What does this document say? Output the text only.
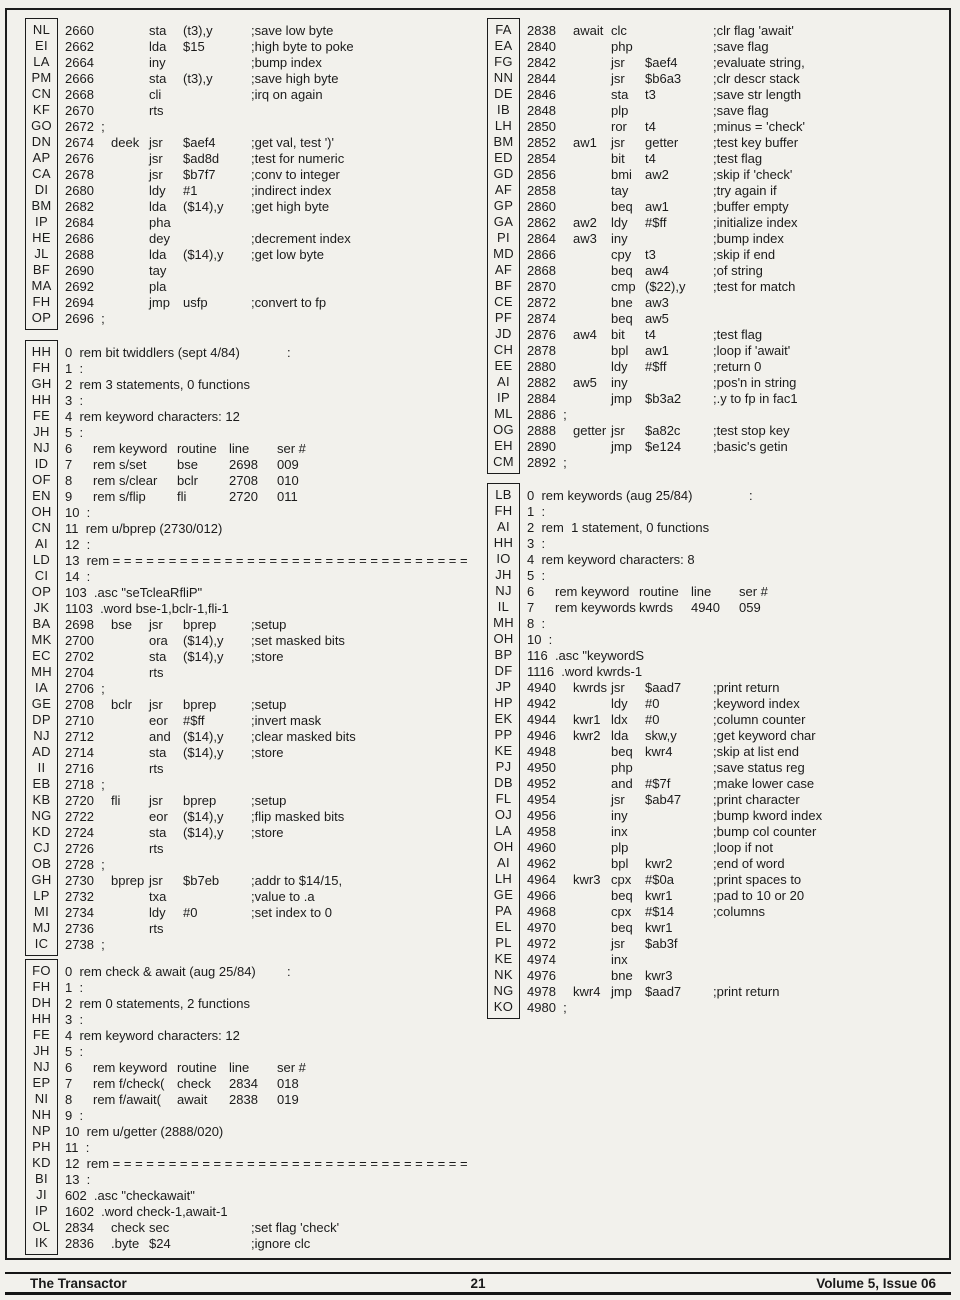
NL
EI
LA
PM
CN
KF
GO
DN
AP
CA
DI
BM
IP
HE
JL
BF
MA
FH
OP
2660	sta (t3),y	;save low byte
2662	lda $15	;high byte to poke
2664	iny	;bump index
2666	sta (t3),y	;save high byte
2668	cli	;irq on again
2670	rts
2672  ;
2674 deek jsr $aef4	;get val, test ')'
2676	jsr $ad8d ;test for numeric
2678	jsr $b7f7	;conv to integer
2680	ldy #1	;indirect index
2682	lda ($14),y ;get high byte
2684	pha
2686	dey	;decrement index
2688	lda ($14),y ;get low byte
2690	tay
2692	pla
2694	jmp usfp	;convert to fp
2696  ;
HH
FH
GH
HH
FE
JH
NJ
ID
OF
EN
OH
CN
AI
LD
CI
OP
JK
BA
MK
EC
MH
IA
GE
DP
NJ
AD
II
EB
KB
NG
KD
CJ
OB
GH
LP
MI
MJ
IC
0  rem bit twiddlers (sept 4/84)	:
1  :
2  rem 3 statements, 0 functions
3  :
4  rem keyword characters: 12
5  :
6 rem keyword routine line ser #
7 rem s/set bse 2698 009
8 rem s/clear bclr 2708 010
9 rem s/flip fli	2720 011
10  :
11  rem u/bprep (2730/012)
12  :
13  rem = = = = = = = = = = = = = = = = = = = = = = = = = = = = = = = =
14  :
103  .asc "seTcleaRfliP"
1103  .word bse-1,bclr-1,fli-1
2698 bse jsr bprep	;setup
2700	ora ($14),y ;set masked bits
2702	sta ($14),y ;store
2704	rts
2706  ;
2708 bclr jsr bprep	;setup
2710	eor #$ff	;invert mask
2712	and ($14),y ;clear masked bits
2714	sta ($14),y ;store
2716	rts
2718  ;
2720 fli jsr bprep	;setup
2722	eor ($14),y ;flip masked bits
2724	sta ($14),y ;store
2726	rts
2728  ;
2730 bprep jsr $b7eb ;addr to $14/15,
2732	txa	;value to .a
2734	ldy #0	;set index to 0
2736	rts
2738  ;
FO
FH
DH
HH
FE
JH
NJ
EP
NI
NH
NP
PH
KD
BI
JI
IP
OL
IK
0  rem check & await (aug 25/84) :
1  :
2  rem 0 statements, 2 functions
3  :
4  rem keyword characters: 12
5  :
6 rem keyword routine line ser #
7 rem f/check( check 2834 018
8 rem f/await( await 2838 019
9  :
10  rem u/getter (2888/020)
11  :
12  rem = = = = = = = = = = = = = = = = = = = = = = = = = = = = = = = =
13  :
602  .asc "checkawait"
1602  .word check-1,await-1
2834 check sec	;set flag 'check'
2836 .byte $24	;ignore clc
FA
EA
FG
NN
DE
IB
LH
BM
ED
GD
AF
GP
GA
PI
MD
AF
BF
CE
PF
JD
CH
EE
AI
IP
ML
OG
EH
CM
2838 await clc	;clr flag 'await'
2840	php	;save flag
2842	jsr $aef4	;evaluate string,
2844	jsr $b6a3 ;clr descr stack
2846	sta t3	;save str length
2848	plp	;save flag
2850	ror t4	;minus = 'check'
2852 aw1 jsr getter	;test key buffer
2854	bit t4	;test flag
2856	bmi aw2	;skip if 'check'
2858	tay	;try again if
2860	beq aw1	;buffer empty
2862 aw2 ldy #$ff	;initialize index
2864 aw3 iny	;bump index
2866	cpy t3	;skip if end
2868	beq aw4	;of string
2870	cmp ($22),y ;test for match
2872	bne aw3
2874	beq aw5
2876 aw4 bit t4	;test flag
2878	bpl aw1	;loop if 'await'
2880	ldy #$ff	;return 0
2882 aw5 iny	;pos'n in string
2884	jmp $b3a2 ;.y to fp in fac1
2886  ;
2888 getter jsr $a82c	;test stop key
2890	jmp $e124 ;basic's getin
2892  ;
LB
FH
AI
HH
IO
JH
NJ
IL
MH
OH
BP
DF
JP
HP
EK
PP
KE
PJ
DB
FL
OJ
LA
OH
AI
LH
GE
PA
EL
PL
KE
NK
NG
KO
0  rem keywords (aug 25/84)	:
1  :
2  rem  1 statement, 0 functions
3  :
4  rem keyword characters: 8
5  :
6 rem keyword routine line ser #
7 rem keywords kwrds 4940 059
8  :
10  :
116  .asc "keywordS
1116  .word kwrds-1
4940 kwrds jsr $aad7 ;print return
4942	ldy #0	;keyword index
4944 kwr1 ldx #0	;column counter
4946 kwr2 lda skw,y	;get keyword char
4948	beq kwr4	;skip at list end
4950	php	;save status reg
4952	and #$7f	;make lower case
4954	jsr $ab47 ;print character
4956	iny	;bump kword index
4958	inx	;bump col counter
4960	plp	;loop if not
4962	bpl kwr2	;end of word
4964 kwr3 cpx #$0a	;print spaces to
4966	beq kwr1	;pad to 10 or 20
4968	cpx #$14	;columns
4970	beq kwr1
4972	jsr $ab3f
4974	inx
4976	bne kwr3
4978 kwr4 jmp $aad7 ;print return
4980  ;
The Transactor	21	Volume 5, Issue 06
